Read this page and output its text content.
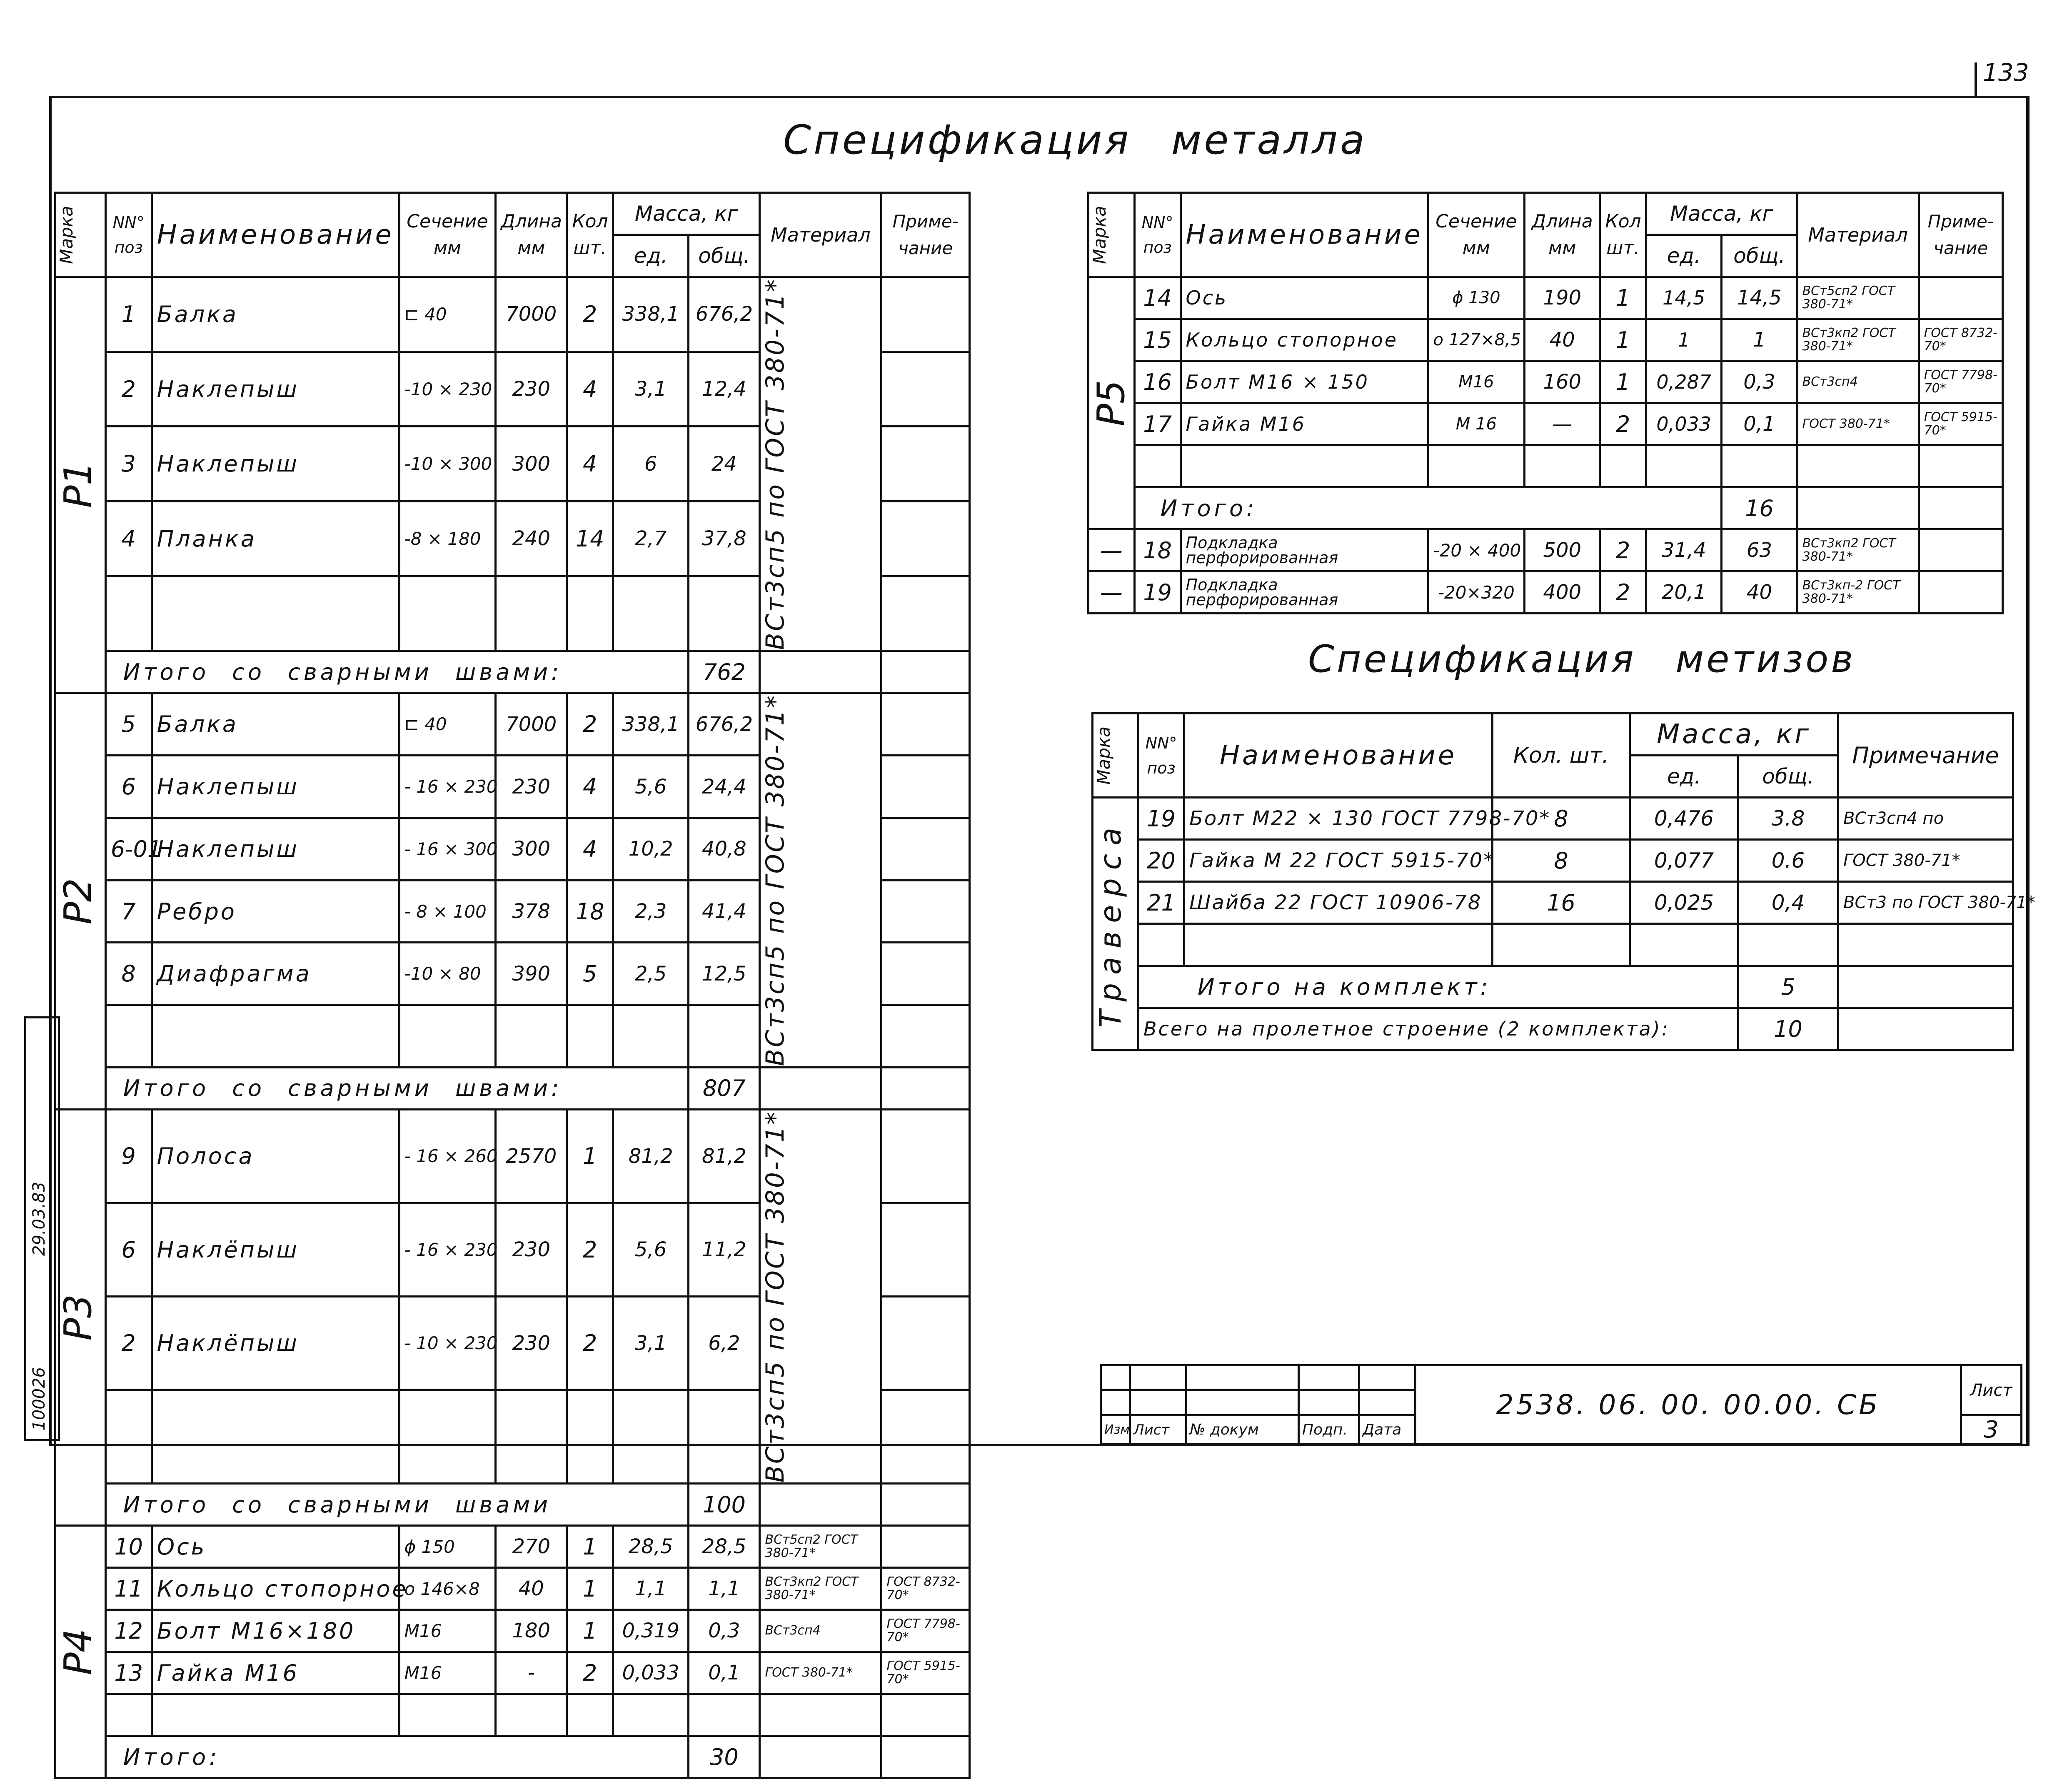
133
100026
29.03.83
Спецификация металла
Спецификация метизов
Марка	NN° поз	Наименование	Сечение мм	Длина мм	Кол шт.	Масса, кг		Материал	Приме- чание
						ед.	общ.		

Р1	1	Балка	⊏ 40	7000	2	338,1	676,2	ВСт3сп5 по ГОСТ 380-71*	

	2	Наклепыш	-10 × 230	230	4	3,1	12,4		
	3	Наклепыш	-10 × 300	300	4	6	24		
	4	Планка	-8 × 180	240	14	2,7	37,8		

	Итого со сварными швами:						762		

Р2	5	Балка	⊏ 40	7000	2	338,1	676,2	ВСт3сп5 по ГОСТ 380-71*	

	6	Наклепыш	- 16 × 230	230	4	5,6	24,4		
	6-01	Наклепыш	- 16 × 300	300	4	10,2	40,8		
	7	Ребро	- 8 × 100	378	18	2,3	41,4		
	8	Диафрагма	-10 × 80	390	5	2,5	12,5		

	Итого со сварными швами:						807		

Р3	9	Полоса	- 16 × 260	2570	1	81,2	81,2	ВСт3сп5 по ГОСТ 380-71*	

	6	Наклёпыш	- 16 × 230	230	2	5,6	11,2		
	2	Наклёпыш	- 10 × 230	230	2	3,1	6,2		

	Итого со сварными швами						100		

Р4	10	Ось	ϕ 150	270	1	28,5	28,5	ВСт5сп2 ГОСТ 380-71*	
	11	Кольцо стопорное	о 146×8	40	1	1,1	1,1	ВСт3кп2 ГОСТ 380-71*	ГОСТ 8732-70*
	12	Болт М16×180	М16	180	1	0,319	0,3	ВСт3сп4	ГОСТ 7798-70*
	13	Гайка М16	М16	-	2	0,033	0,1	ГОСТ 380-71*	ГОСТ 5915-70*

	Итого:						30		
Марка	NN° поз	Наименование	Сечение мм	Длина мм	Кол шт.	Масса, кг		Материал	Приме- чание
						ед.	общ.		

Р5	14	Ось	ϕ 130	190	1	14,5	14,5	ВСт5сп2 ГОСТ 380-71*	
	15	Кольцо стопорное	о 127×8,5	40	1	1	1	ВСт3кп2 ГОСТ 380-71*	ГОСТ 8732-70*
	16	Болт М16 × 150	М16	160	1	0,287	0,3	ВСт3сп4	ГОСТ 7798-70*
	17	Гайка М16	М 16	—	2	0,033	0,1	ГОСТ 380-71*	ГОСТ 5915-70*

	Итого:						16		
—	18	Подкладка перфорированная	-20 × 400	500	2	31,4	63	ВСт3кп2 ГОСТ 380-71*	
—	19	Подкладка перфорированная	-20×320	400	2	20,1	40	ВСт3кп-2 ГОСТ 380-71*	
Марка	NN° поз	Наименование	Кол. шт.	Масса, кг		Примечание
				ед.	общ.	

Траверса	19	Болт М22 × 130 ГОСТ 7798-70*	8	0,476	3.8	ВСт3сп4 по
	20	Гайка М 22 ГОСТ 5915-70*	8	0,077	0.6	ГОСТ 380-71*
	21	Шайба 22 ГОСТ 10906-78	16	0,025	0,4	ВСт3 по ГОСТ 380-71*

	Итого на комплект:				5	
	Всего на пролетное строение (2 комплекта):				10	
					2538. 06. 00. 00.00. СБ	Лист

Изм	Лист	№ докум	Подп.	Дата		3
